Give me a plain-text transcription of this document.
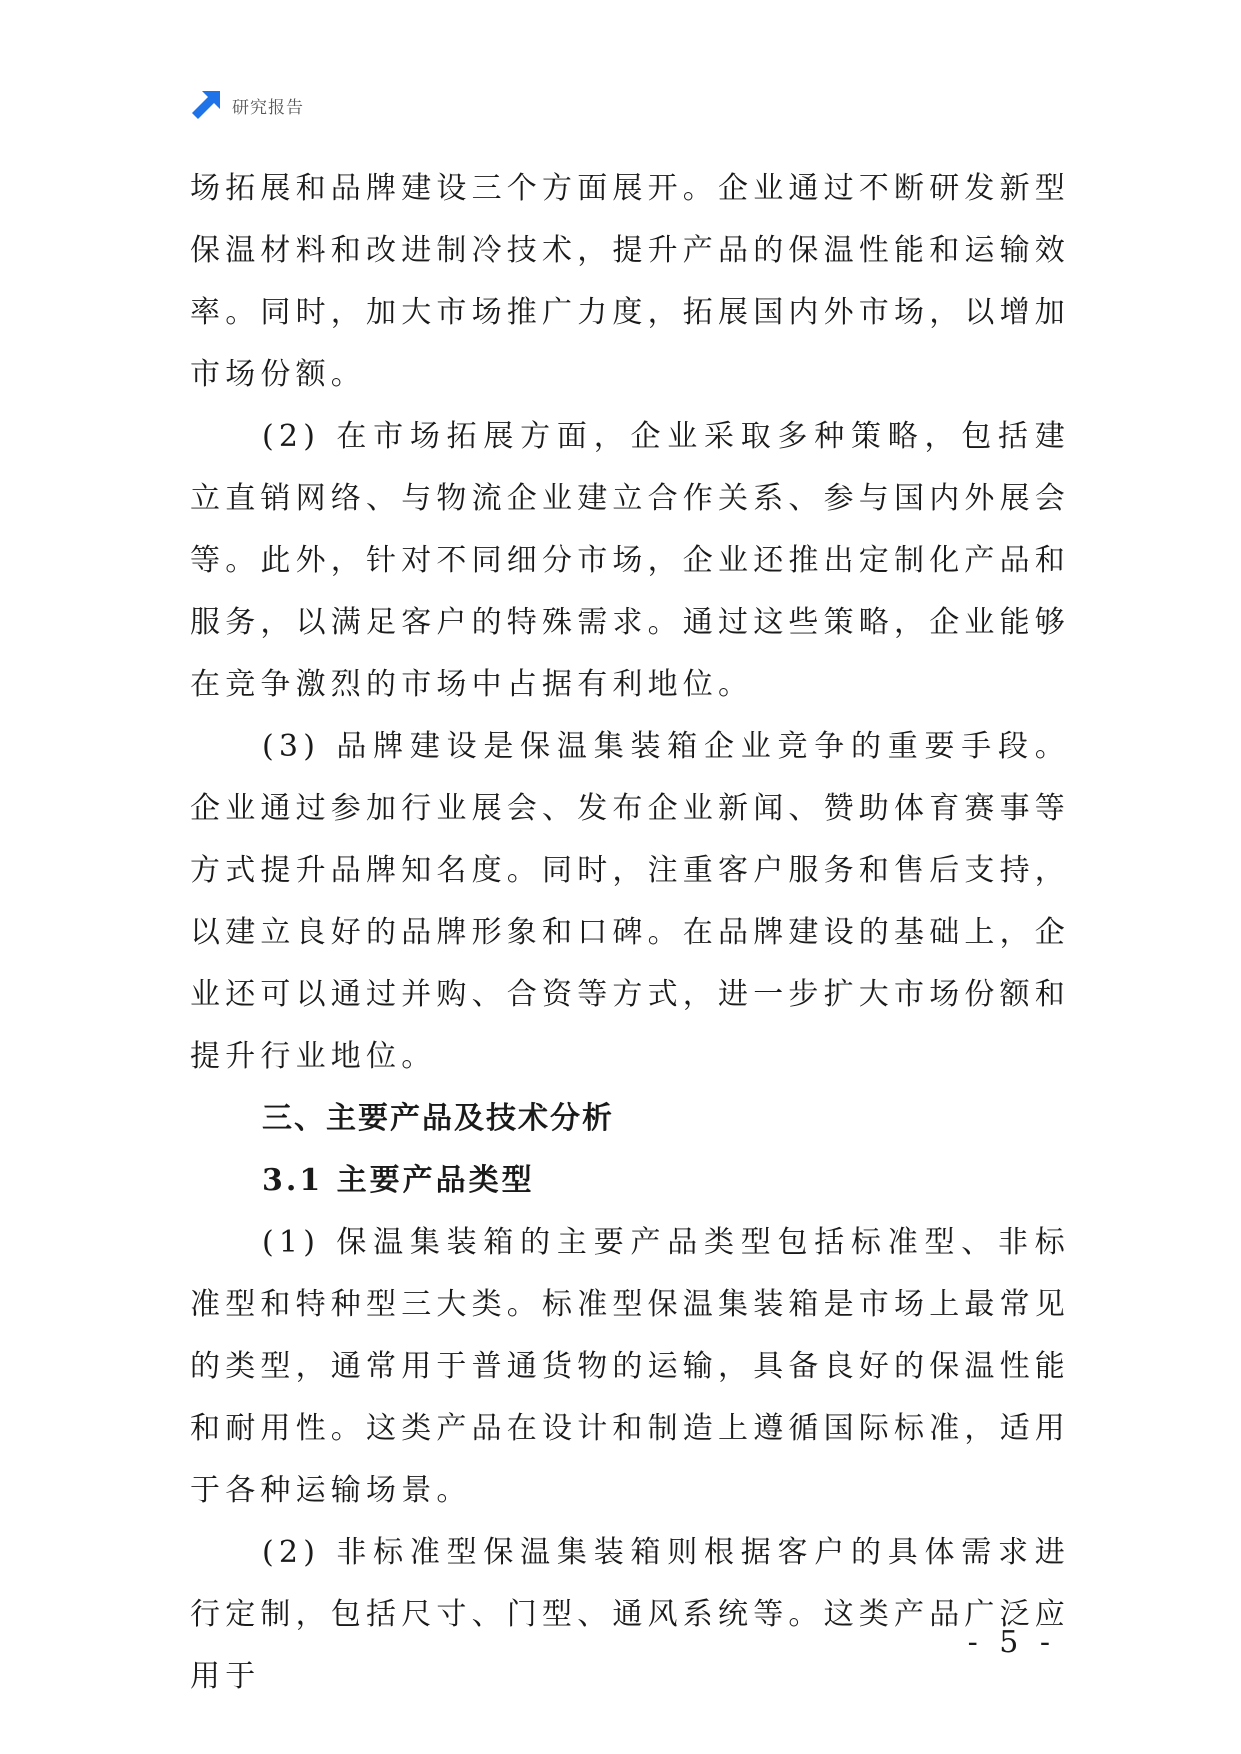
研究报告

场拓展和品牌建设三个方面展开。企业通过不断研发新型保温材料和改进制冷技术，提升产品的保温性能和运输效率。同时，加大市场推广力度，拓展国内外市场，以增加市场份额。

(2) 在市场拓展方面，企业采取多种策略，包括建立直销网络、与物流企业建立合作关系、参与国内外展会等。此外，针对不同细分市场，企业还推出定制化产品和服务，以满足客户的特殊需求。通过这些策略，企业能够在竞争激烈的市场中占据有利地位。

(3) 品牌建设是保温集装箱企业竞争的重要手段。企业通过参加行业展会、发布企业新闻、赞助体育赛事等方式提升品牌知名度。同时，注重客户服务和售后支持，以建立良好的品牌形象和口碑。在品牌建设的基础上，企业还可以通过并购、合资等方式，进一步扩大市场份额和提升行业地位。

三、主要产品及技术分析
3.1 主要产品类型

(1) 保温集装箱的主要产品类型包括标准型、非标准型和特种型三大类。标准型保温集装箱是市场上最常见的类型，通常用于普通货物的运输，具备良好的保温性能和耐用性。这类产品在设计和制造上遵循国际标准，适用于各种运输场景。

(2) 非标准型保温集装箱则根据客户的具体需求进行定制，包括尺寸、门型、通风系统等。这类产品广泛应用于

- 5 -
